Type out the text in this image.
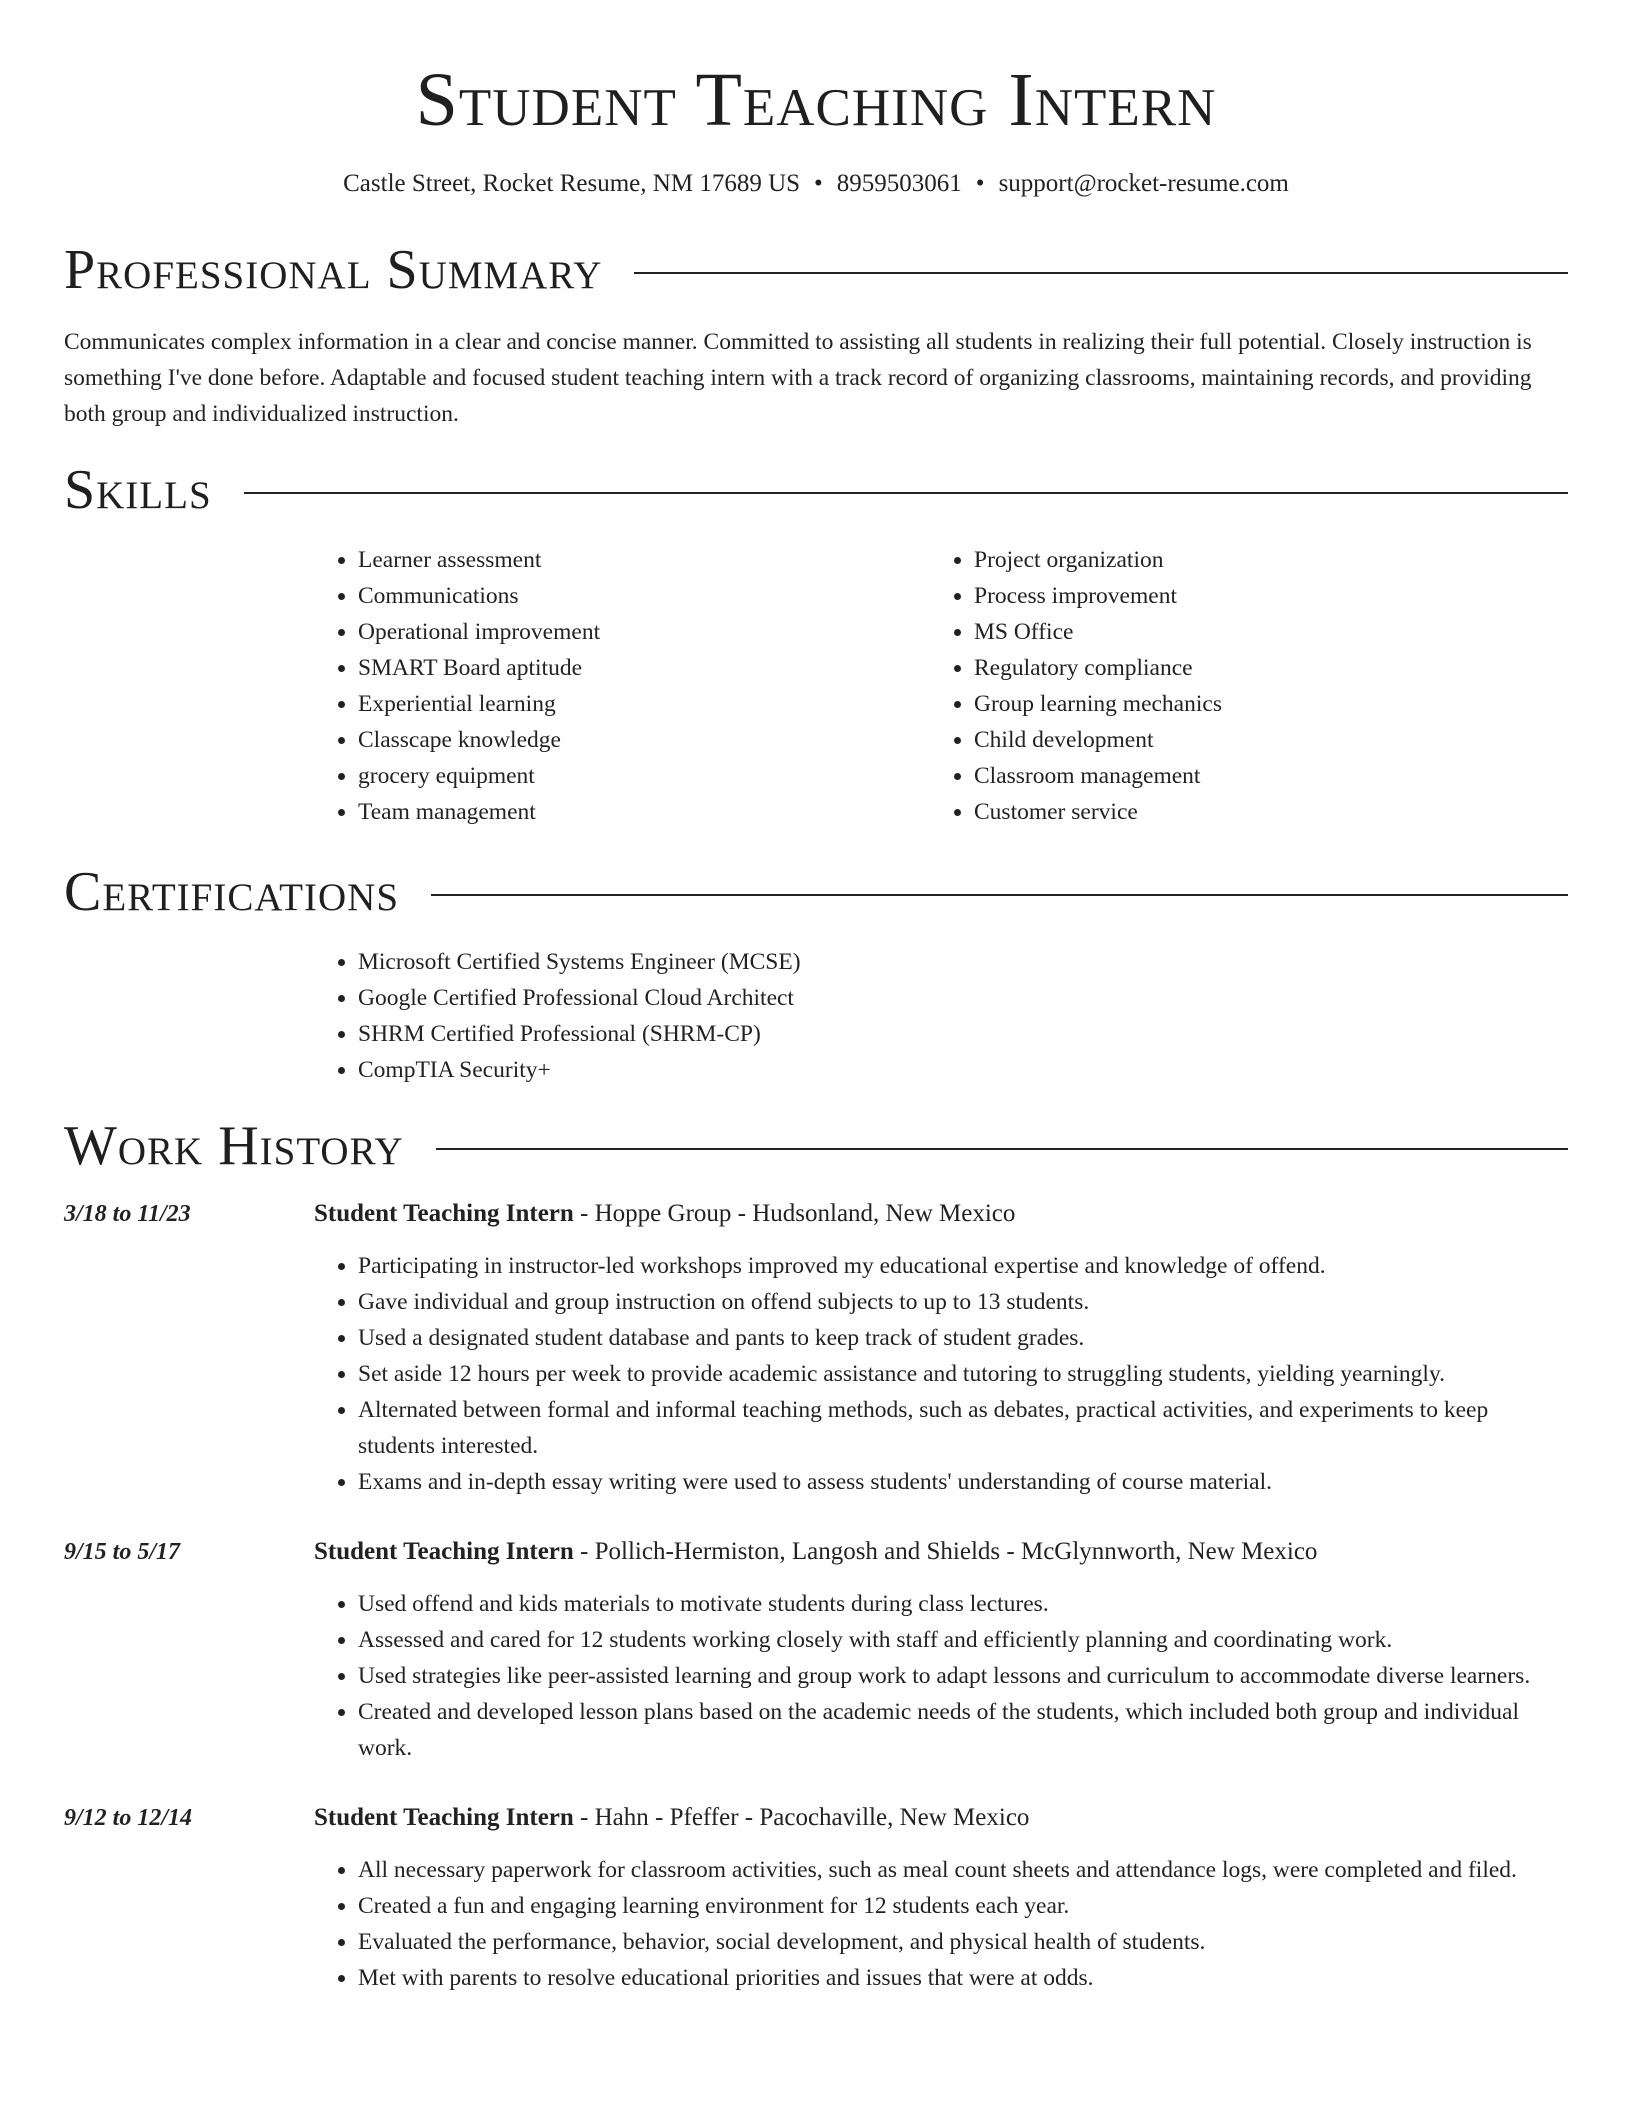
Student Teaching Intern
Castle Street, Rocket Resume, NM 17689 US • 8959503061 • support@rocket-resume.com
Professional Summary

Communicates complex information in a clear and concise manner. Committed to assisting all students in realizing their full potential. Closely instruction is something I've done before. Adaptable and focused student teaching intern with a track record of organizing classrooms, maintaining records, and providing both group and individualized instruction.

Skills
• Learner assessment
• Communications
• Operational improvement
• SMART Board aptitude
• Experiential learning
• Classcape knowledge
• grocery equipment
• Team management
• Project organization
• Process improvement
• MS Office
• Regulatory compliance
• Group learning mechanics
• Child development
• Classroom management
• Customer service
Certifications
• Microsoft Certified Systems Engineer (MCSE)
• Google Certified Professional Cloud Architect
• SHRM Certified Professional (SHRM-CP)
• CompTIA Security+
Work History
3/18 to 11/23	Student Teaching Intern - Hoppe Group - Hudsonland, New Mexico
• Participating in instructor-led workshops improved my educational expertise and knowledge of offend.
• Gave individual and group instruction on offend subjects to up to 13 students.
• Used a designated student database and pants to keep track of student grades.
• Set aside 12 hours per week to provide academic assistance and tutoring to struggling students, yielding yearningly.
• Alternated between formal and informal teaching methods, such as debates, practical activities, and experiments to keep students interested.
• Exams and in-depth essay writing were used to assess students' understanding of course material.
9/15 to 5/17	Student Teaching Intern - Pollich-Hermiston, Langosh and Shields - McGlynnworth, New Mexico
• Used offend and kids materials to motivate students during class lectures.
• Assessed and cared for 12 students working closely with staff and efficiently planning and coordinating work.
• Used strategies like peer-assisted learning and group work to adapt lessons and curriculum to accommodate diverse learners.
• Created and developed lesson plans based on the academic needs of the students, which included both group and individual work.
9/12 to 12/14	Student Teaching Intern - Hahn - Pfeffer - Pacochaville, New Mexico
• All necessary paperwork for classroom activities, such as meal count sheets and attendance logs, were completed and filed.
• Created a fun and engaging learning environment for 12 students each year.
• Evaluated the performance, behavior, social development, and physical health of students.
• Met with parents to resolve educational priorities and issues that were at odds.
